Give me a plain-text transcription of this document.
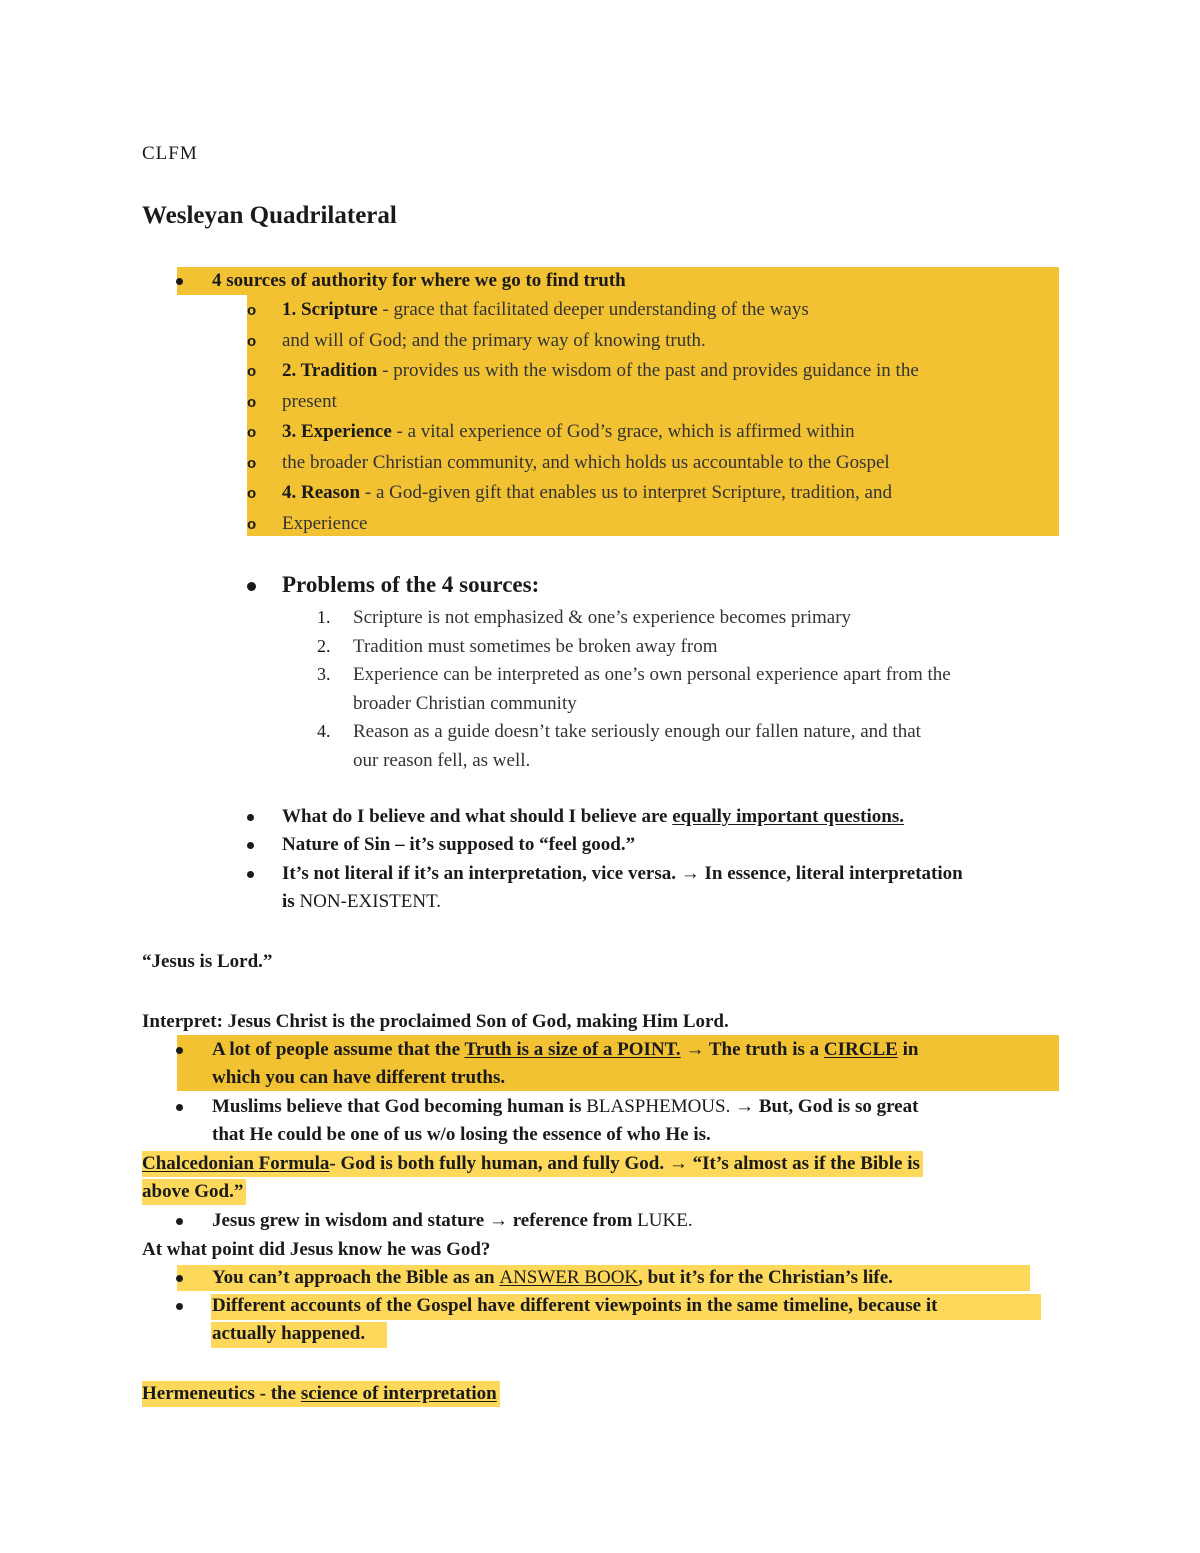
CLFM
Wesleyan Quadrilateral
4 sources of authority for where we go to find truth
o 1. Scripture - grace that facilitated deeper understanding of the ways
o and will of God; and the primary way of knowing truth.
o 2. Tradition - provides us with the wisdom of the past and provides guidance in the
o present
o 3. Experience - a vital experience of God’s grace, which is affirmed within
o the broader Christian community, and which holds us accountable to the Gospel
o 4. Reason - a God-given gift that enables us to interpret Scripture, tradition, and
o Experience
Problems of the 4 sources:
1. Scripture is not emphasized & one’s experience becomes primary
2. Tradition must sometimes be broken away from
3. Experience can be interpreted as one’s own personal experience apart from the
broader Christian community
4. Reason as a guide doesn’t take seriously enough our fallen nature, and that
our reason fell, as well.
What do I believe and what should I believe are equally important questions.
Nature of Sin – it’s supposed to “feel good.”
It’s not literal if it’s an interpretation, vice versa. → In essence, literal interpretation
is NON-EXISTENT.
“Jesus is Lord.”
Interpret: Jesus Christ is the proclaimed Son of God, making Him Lord.
A lot of people assume that the Truth is a size of a POINT. → The truth is a CIRCLE in
which you can have different truths.
Muslims believe that God becoming human is BLASPHEMOUS. → But, God is so great
that He could be one of us w/o losing the essence of who He is.
Chalcedonian Formula- God is both fully human, and fully God. → “It’s almost as if the Bible is
above God.”
Jesus grew in wisdom and stature → reference from LUKE.
At what point did Jesus know he was God?
You can’t approach the Bible as an ANSWER BOOK, but it’s for the Christian’s life.
Different accounts of the Gospel have different viewpoints in the same timeline, because it
actually happened.
Hermeneutics - the science of interpretation
